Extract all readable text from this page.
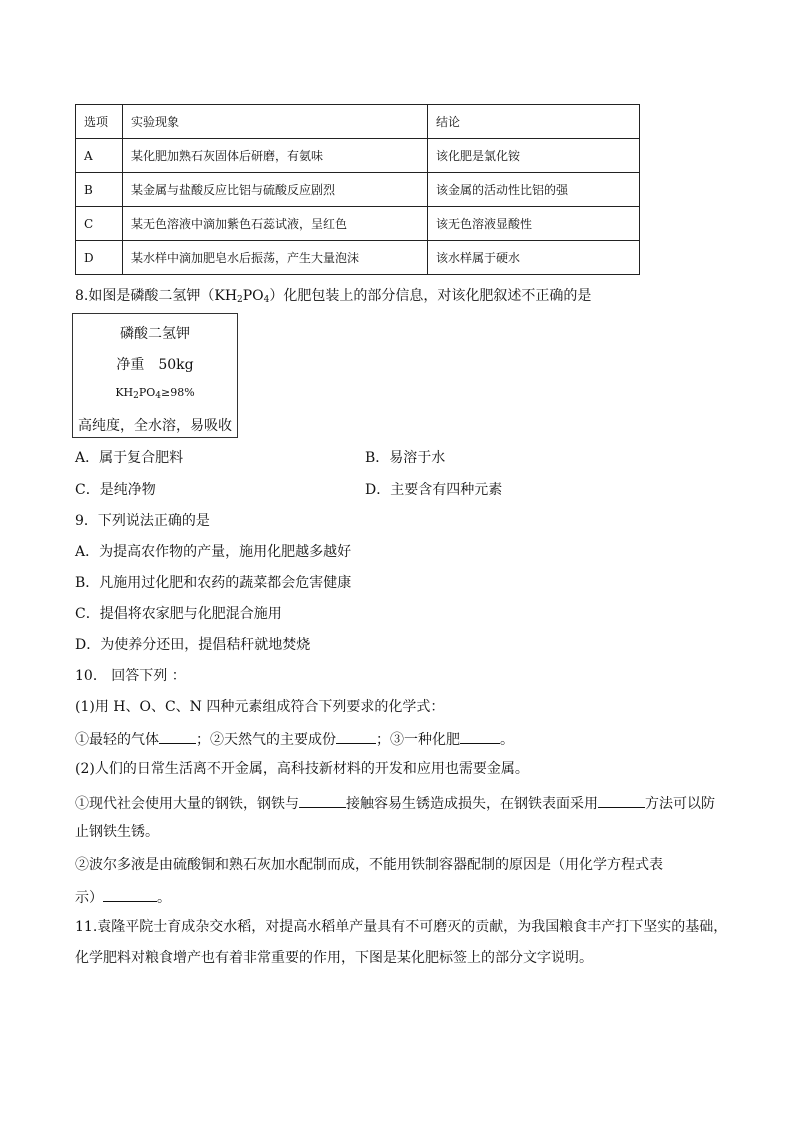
选项	实验现象	结论
A	某化肥加熟石灰固体后研磨，有氨味	该化肥是氯化铵
B	某金属与盐酸反应比铝与硫酸反应剧烈	该金属的活动性比铝的强
C	某无色溶液中滴加紫色石蕊试液，呈红色	该无色溶液显酸性
D	某水样中滴加肥皂水后振荡，产生大量泡沫	该水样属于硬水
8.如图是磷酸二氢钾$(KH_2PO_4)$化肥包装上的部分信息，对该化肥叙述不正确的是
磷酸二氢钾
净重　50kg
$KH_2PO_4\ge 98\%$
高纯度，全水溶，易吸收
A．属于复合肥料	B．易溶于水
C．是纯净物	D．主要含有四种元素
9．下列说法正确的是
A．为提高农作物的产量，施用化肥越多越好
B．凡施用过化肥和农药的蔬菜都会危害健康
C．提倡将农家肥与化肥混合施用
D．为使养分还田，提倡秸秆就地焚烧
10． 回答下列 ：
(1)用 H、O、C、N 四种元素组成符合下列要求的化学式：
①最轻的气体	；②天然气的主要成份	；③一种化肥	。
(2)人们的日常生活离不开金属，高科技新材料的开发和应用也需要金属。
①现代社会使用大量的钢铁，钢铁与	接触容易生锈造成损失，在钢铁表面采用	方法可以防
止钢铁生锈。
②波尔多液是由硫酸铜和熟石灰加水配制而成，不能用铁制容器配制的原因是（用化学方程式表
示）	。
11.袁隆平院士育成杂交水稻，对提高水稻单产量具有不可磨灭的贡献，为我国粮食丰产打下坚实的基础，
化学肥料对粮食增产也有着非常重要的作用，下图是某化肥标签上的部分文字说明。
